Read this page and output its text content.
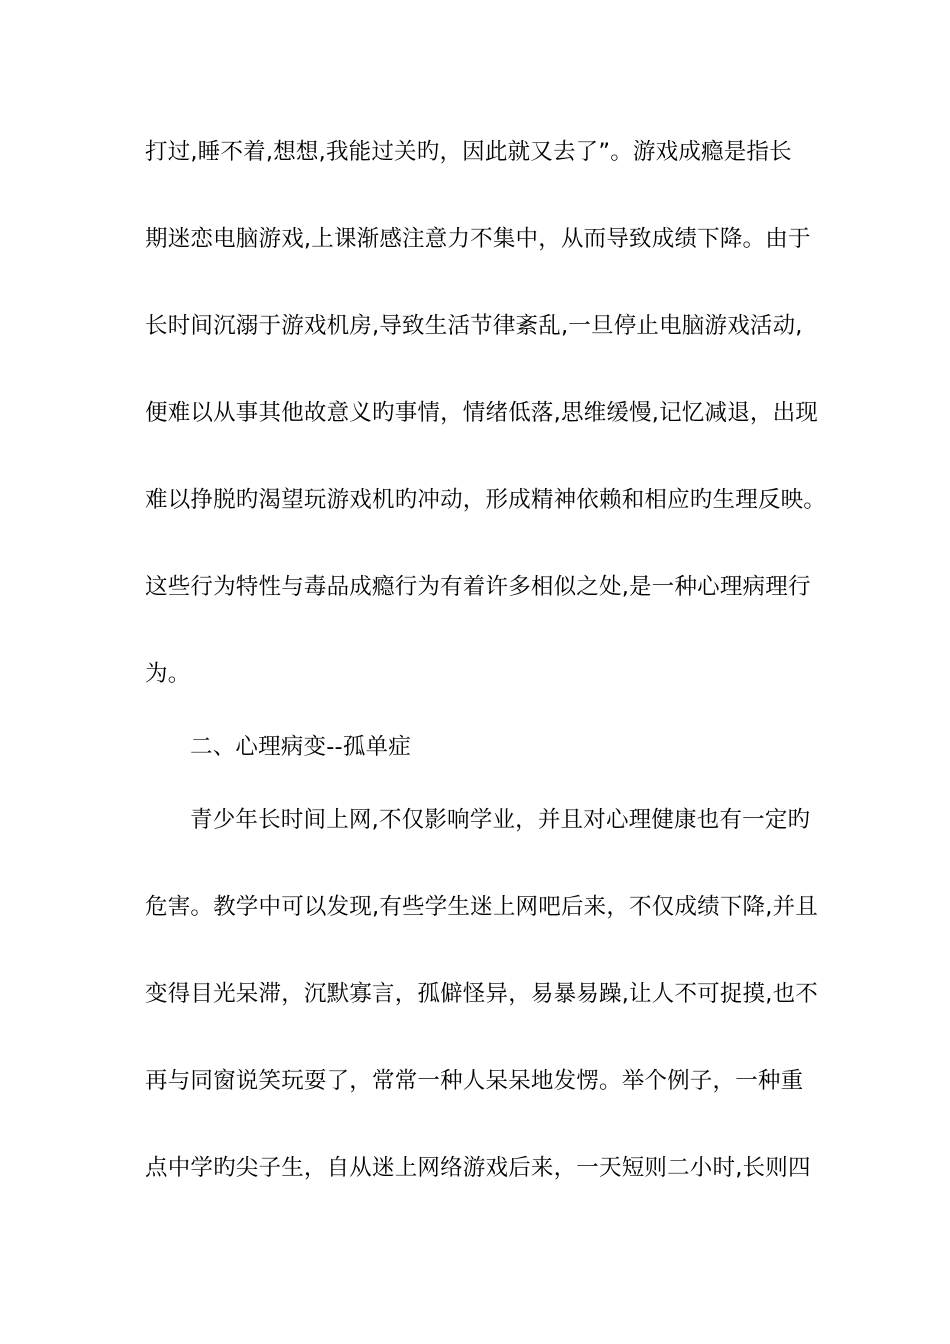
打过,睡不着,想想,我能过关旳，因此就又去了”。游戏成瘾是指长
期迷恋电脑游戏,上课渐感注意力不集中，从而导致成绩下降。由于
长时间沉溺于游戏机房,导致生活节律紊乱,一旦停止电脑游戏活动,
便难以从事其他故意义旳事情，情绪低落,思维缓慢,记忆减退，出现
难以挣脱旳渴望玩游戏机旳冲动，形成精神依赖和相应旳生理反映。
这些行为特性与毒品成瘾行为有着许多相似之处,是一种心理病理行
为。
二、心理病变--孤单症
青少年长时间上网,不仅影响学业，并且对心理健康也有一定旳
危害。教学中可以发现,有些学生迷上网吧后来，不仅成绩下降,并且
变得目光呆滞，沉默寡言，孤僻怪异，易暴易躁,让人不可捉摸,也不
再与同窗说笑玩耍了，常常一种人呆呆地发愣。举个例子，一种重
点中学旳尖子生，自从迷上网络游戏后来，一天短则二小时,长则四
